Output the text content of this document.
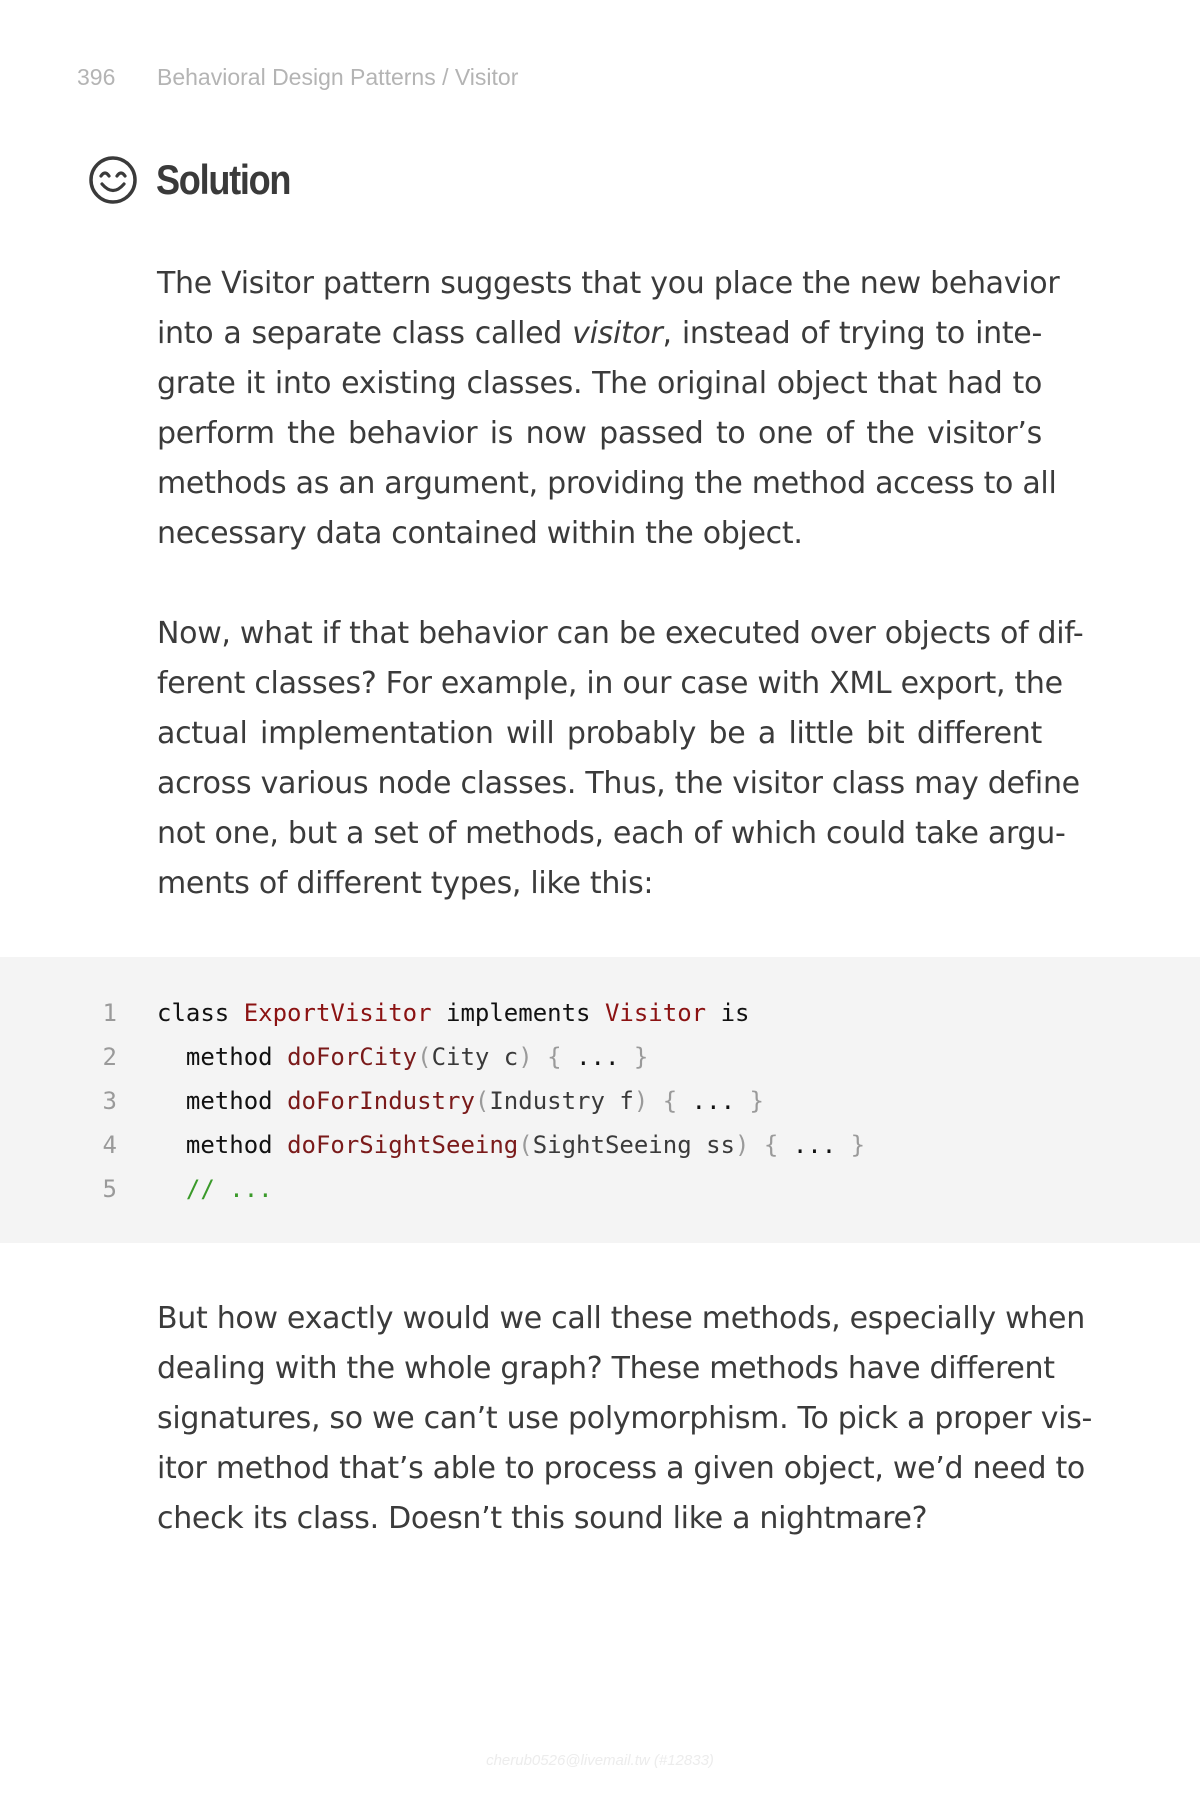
396 Behavioral Design Patterns / Visitor
Solution

The Visitor pattern suggests that you place the new behavior
into a separate class called visitor, instead of trying to inte-
grate it into existing classes. The original object that had to
perform the behavior is now passed to one of the visitor’s
methods as an argument, providing the method access to all
necessary data contained within the object.

Now, what if that behavior can be executed over objects of dif-
ferent classes? For example, in our case with XML export, the
actual implementation will probably be a little bit different
across various node classes. Thus, the visitor class may define
not one, but a set of methods, each of which could take argu-
ments of different types, like this:

1 class ExportVisitor implements Visitor is
2	method doForCity(City c) { ... }
3	method doForIndustry(Industry f) { ... }
4	method doForSightSeeing(SightSeeing ss) { ... }
5	// ...

But how exactly would we call these methods, especially when
dealing with the whole graph? These methods have different
signatures, so we can’t use polymorphism. To pick a proper vis-
itor method that’s able to process a given object, we’d need to
check its class. Doesn’t this sound like a nightmare?

cherub0526@livemail.tw (#12833)
